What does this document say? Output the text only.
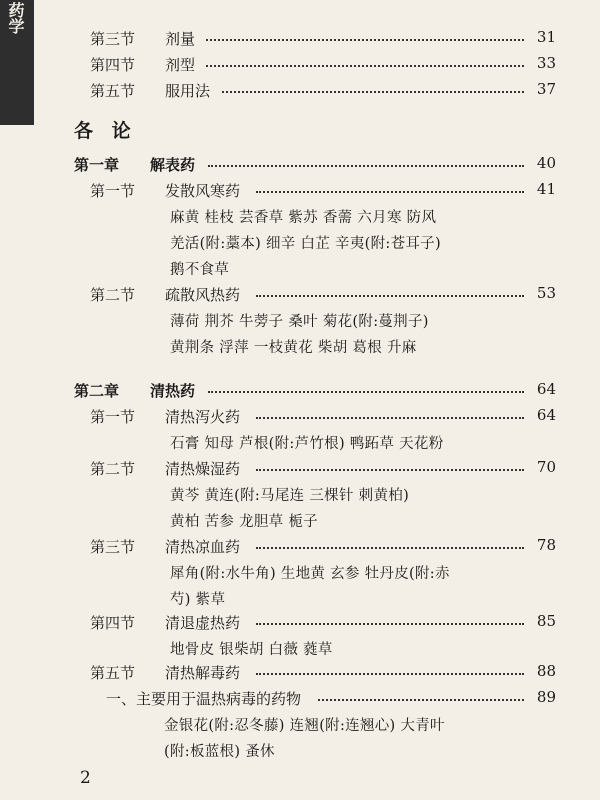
药学
第三节 剂量	31
第四节 剂型	33
第五节 服用法	37
各 论
第一章 解表药	40
第一节 发散风寒药	41
麻黄 桂枝 芸香草 紫苏 香薷 六月寒 防风
羌活(附:藁本) 细辛 白芷 辛夷(附:苍耳子)
鹅不食草
第二节 疏散风热药	53
薄荷 荆芥 牛蒡子 桑叶 菊花(附:蔓荆子)
黄荆条 浮萍 一枝黄花 柴胡 葛根 升麻
第二章 清热药	64
第一节 清热泻火药	64
石膏 知母 芦根(附:芦竹根) 鸭跖草 天花粉
第二节 清热燥湿药	70
黄芩 黄连(附:马尾连 三棵针 刺黄柏)
黄柏 苦参 龙胆草 栀子
第三节 清热凉血药	78
犀角(附:水牛角) 生地黄 玄参 牡丹皮(附:赤
芍) 紫草
第四节 清退虚热药	85
地骨皮 银柴胡 白薇 蕤草
第五节 清热解毒药	88
一、主要用于温热病毒的药物	89
金银花(附:忍冬藤) 连翘(附:连翘心) 大青叶
(附:板蓝根) 蚤休
2
